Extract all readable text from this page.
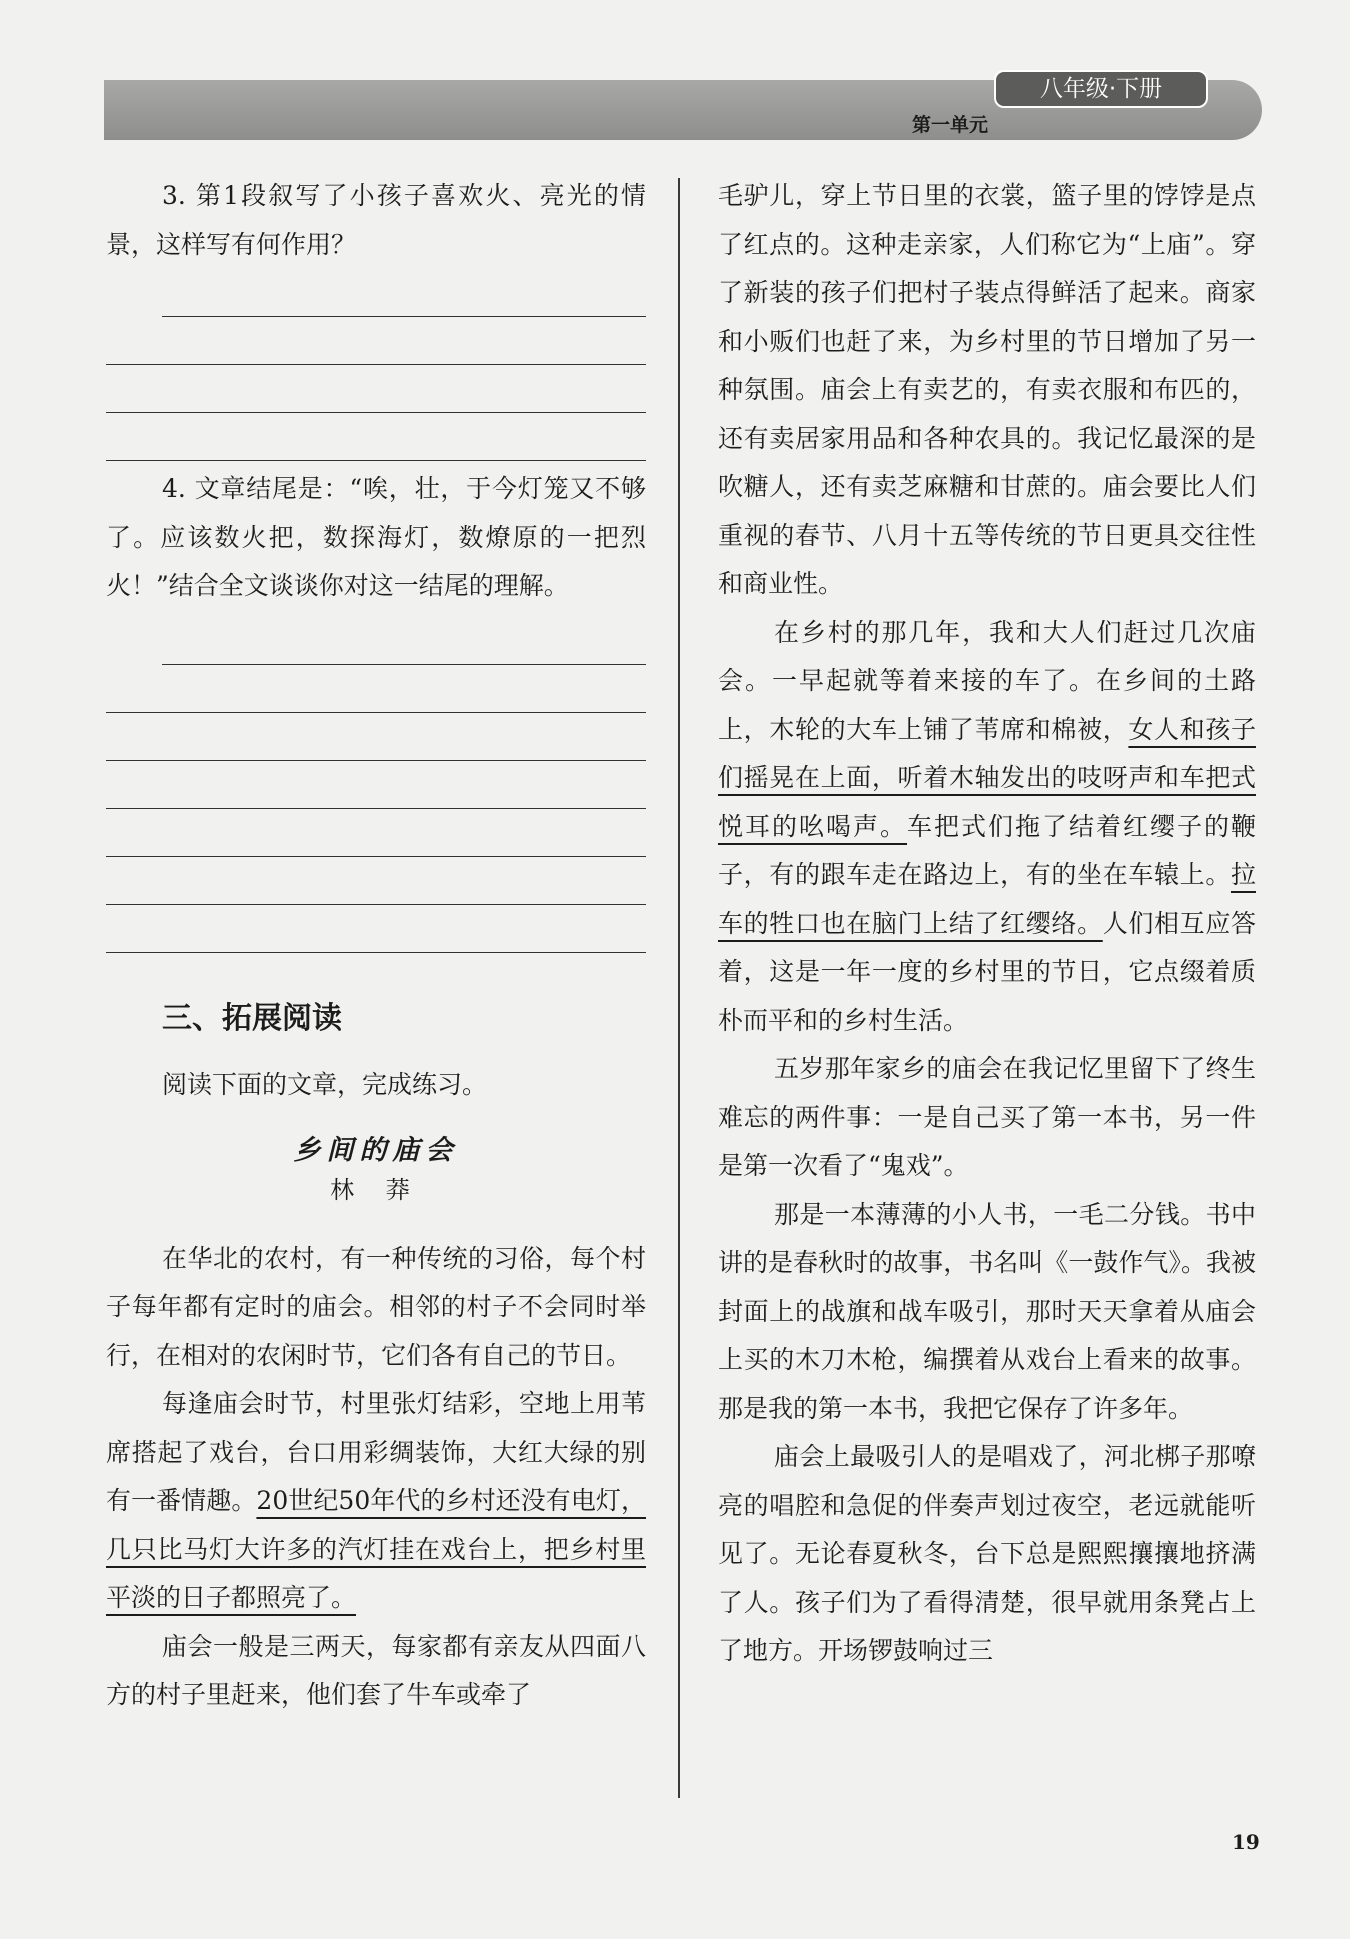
八年级·下册
第一单元

3. 第1段叙写了小孩子喜欢火、亮光的情景，这样写有何作用？

4. 文章结尾是：“唉，壮，于今灯笼又不够了。应该数火把，数探海灯，数燎原的一把烈火！”结合全文谈谈你对这一结尾的理解。

三、拓展阅读
阅读下面的文章，完成练习。
乡间的庙会
林 莽

在华北的农村，有一种传统的习俗，每个村子每年都有定时的庙会。相邻的村子不会同时举行，在相对的农闲时节，它们各有自己的节日。

每逢庙会时节，村里张灯结彩，空地上用苇席搭起了戏台，台口用彩绸装饰，大红大绿的别有一番情趣。20世纪50年代的乡村还没有电灯，几只比马灯大许多的汽灯挂在戏台上，把乡村里平淡的日子都照亮了。

庙会一般是三两天，每家都有亲友从四面八方的村子里赶来，他们套了牛车或牵了

毛驴儿，穿上节日里的衣裳，篮子里的饽饽是点了红点的。这种走亲家，人们称它为“上庙”。穿了新装的孩子们把村子装点得鲜活了起来。商家和小贩们也赶了来，为乡村里的节日增加了另一种氛围。庙会上有卖艺的，有卖衣服和布匹的，还有卖居家用品和各种农具的。我记忆最深的是吹糖人，还有卖芝麻糖和甘蔗的。庙会要比人们重视的春节、八月十五等传统的节日更具交往性和商业性。

在乡村的那几年，我和大人们赶过几次庙会。一早起就等着来接的车了。在乡间的土路上，木轮的大车上铺了苇席和棉被，女人和孩子们摇晃在上面，听着木轴发出的吱呀声和车把式悦耳的吆喝声。车把式们拖了结着红缨子的鞭子，有的跟车走在路边上，有的坐在车辕上。拉车的牲口也在脑门上结了红缨络。人们相互应答着，这是一年一度的乡村里的节日，它点缀着质朴而平和的乡村生活。

五岁那年家乡的庙会在我记忆里留下了终生难忘的两件事：一是自己买了第一本书，另一件是第一次看了“鬼戏”。

那是一本薄薄的小人书，一毛二分钱。书中讲的是春秋时的故事，书名叫《一鼓作气》。我被封面上的战旗和战车吸引，那时天天拿着从庙会上买的木刀木枪，编撰着从戏台上看来的故事。那是我的第一本书，我把它保存了许多年。

庙会上最吸引人的是唱戏了，河北梆子那嘹亮的唱腔和急促的伴奏声划过夜空，老远就能听见了。无论春夏秋冬，台下总是熙熙攘攘地挤满了人。孩子们为了看得清楚，很早就用条凳占上了地方。开场锣鼓响过三

19
